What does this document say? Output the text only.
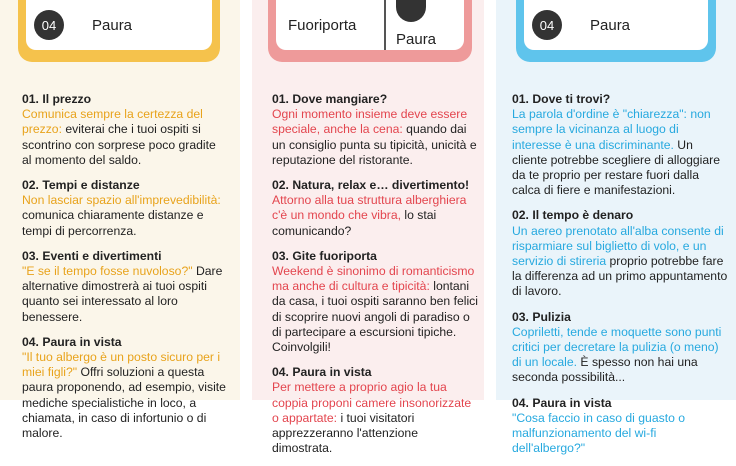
04	Paura
01. Il prezzo
Comunica sempre la certezza del prezzo: eviterai che i tuoi ospiti si scontrino con sorprese poco gradite al momento del saldo.
02. Tempi e distanze
Non lasciar spazio all'imprevedibilità: comunica chiaramente distanze e tempi di percorrenza.
03. Eventi e divertimenti
"E se il tempo fosse nuvoloso?" Dare alternative dimostrerà ai tuoi ospiti quanto sei interessato al loro benessere.
04. Paura in vista
"Il tuo albergo è un posto sicuro per i miei figli?" Offri soluzioni a questa paura proponendo, ad esempio, visite mediche specialistiche in loco, a chiamata, in caso di infortunio o di malore.
Fuoriporta
Paura
01. Dove mangiare?
Ogni momento insieme deve essere speciale, anche la cena: quando dai un consiglio punta su tipicità, unicità e reputazione del ristorante.
02. Natura, relax e… divertimento!
Attorno alla tua struttura alberghiera c'è un mondo che vibra, lo stai comunicando?
03. Gite fuoriporta
Weekend è sinonimo di romanticismo ma anche di cultura e tipicità: lontani da casa, i tuoi ospiti saranno ben felici di scoprire nuovi angoli di paradiso o di partecipare a escursioni tipiche. Coinvolgili!
04. Paura in vista
Per mettere a proprio agio la tua coppia proponi camere insonorizzate o appartate: i tuoi visitatori apprezzeranno l'attenzione dimostrata.
04	Paura
01. Dove ti trovi?
La parola d'ordine è "chiarezza": non sempre la vicinanza al luogo di interesse è una discriminante. Un cliente potrebbe scegliere di alloggiare da te proprio per restare fuori dalla calca di fiere e manifestazioni.
02. Il tempo è denaro
Un aereo prenotato all'alba consente di risparmiare sul biglietto di volo, e un servizio di stireria proprio potrebbe fare la differenza ad un primo appuntamento di lavoro.
03. Pulizia
Copriletti, tende e moquette sono punti critici per decretare la pulizia (o meno) di un locale. È spesso non hai una seconda possibilità...
04. Paura in vista
"Cosa faccio in caso di guasto o malfunzionamento del wi-fi dell'albergo?"
